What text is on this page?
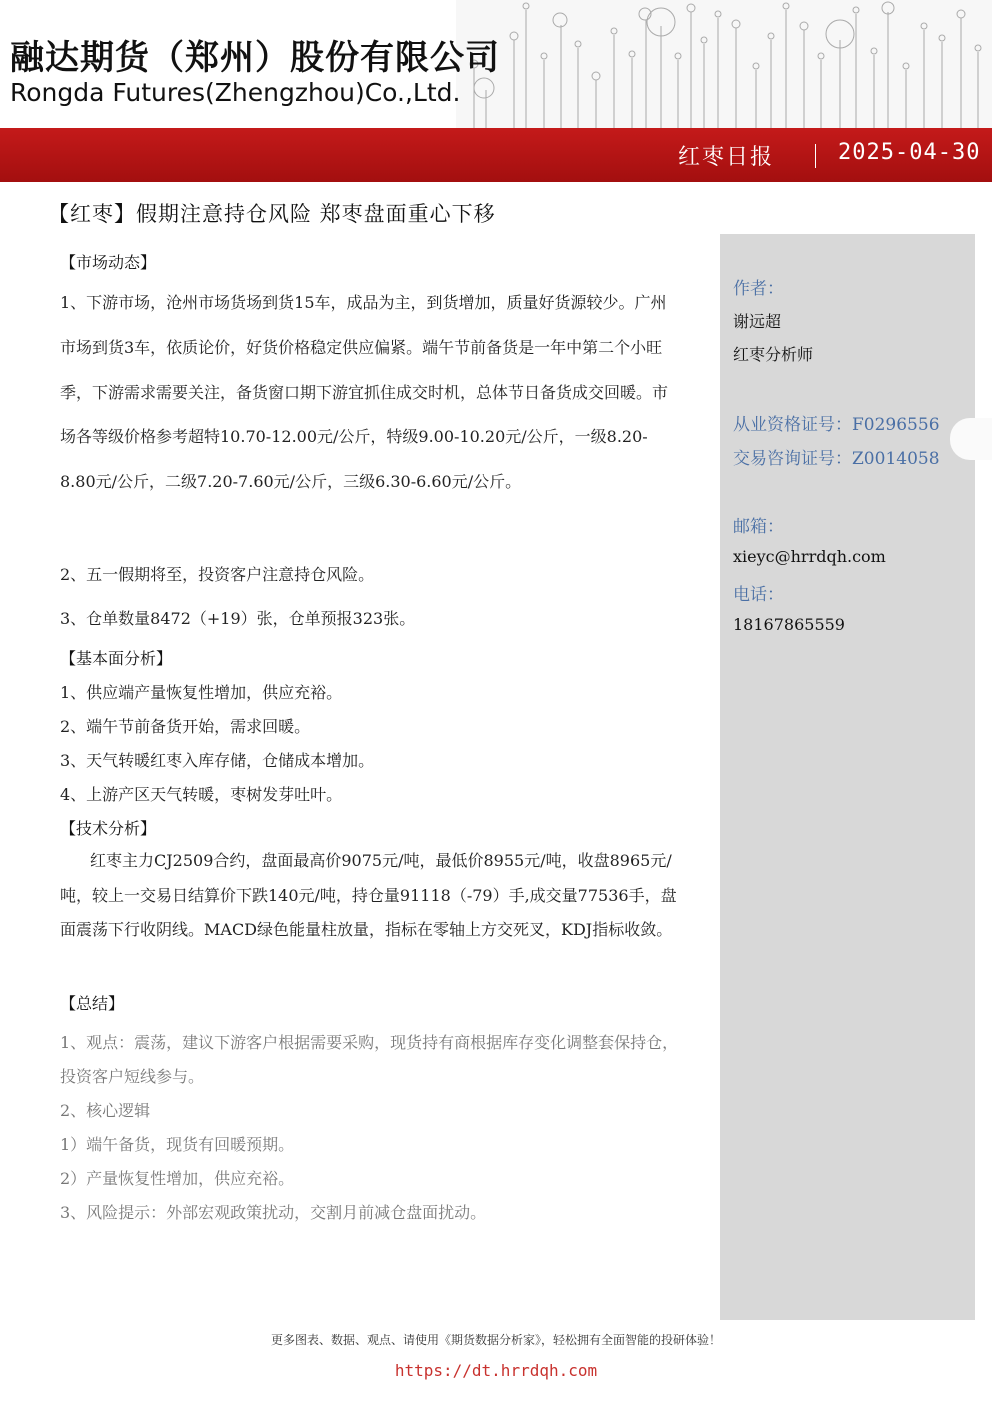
融达期货（郑州）股份有限公司
Rongda Futures(Zhengzhou)Co.,Ltd.
红枣日报	2025-04-30
【红枣】假期注意持仓风险 郑枣盘面重心下移
【市场动态】
1、下游市场，沧州市场货场到货15车，成品为主，到货增加，质量好货源较少。广州市场到货3车，依质论价，好货价格稳定供应偏紧。端午节前备货是一年中第二个小旺季，下游需求需要关注，备货窗口期下游宜抓住成交时机，总体节日备货成交回暖。市场各等级价格参考超特10.70-12.00元/公斤，特级9.00-10.20元/公斤，一级8.20-8.80元/公斤，二级7.20-7.60元/公斤，三级6.30-6.60元/公斤。
2、五一假期将至，投资客户注意持仓风险。
3、仓单数量8472（+19）张，仓单预报323张。
【基本面分析】
1、供应端产量恢复性增加，供应充裕。
2、端午节前备货开始，需求回暖。
3、天气转暖红枣入库存储，仓储成本增加。
4、上游产区天气转暖，枣树发芽吐叶。
【技术分析】
红枣主力CJ2509合约，盘面最高价9075元/吨，最低价8955元/吨，收盘8965元/吨，较上一交易日结算价下跌140元/吨，持仓量91118（-79）手,成交量77536手，盘面震荡下行收阴线。MACD绿色能量柱放量，指标在零轴上方交死叉，KDJ指标收敛。
【总结】
1、观点：震荡，建议下游客户根据需要采购，现货持有商根据库存变化调整套保持仓，投资客户短线参与。
2、核心逻辑
1）端午备货，现货有回暖预期。
2）产量恢复性增加，供应充裕。
3、风险提示：外部宏观政策扰动，交割月前减仓盘面扰动。
作者：
谢远超
红枣分析师
从业资格证号：F0296556
交易咨询证号：Z0014058
邮箱：
xieyc@hrrdqh.com
电话：
18167865559
更多图表、数据、观点、请使用《期货数据分析家》，轻松拥有全面智能的投研体验！
https://dt.hrrdqh.com
